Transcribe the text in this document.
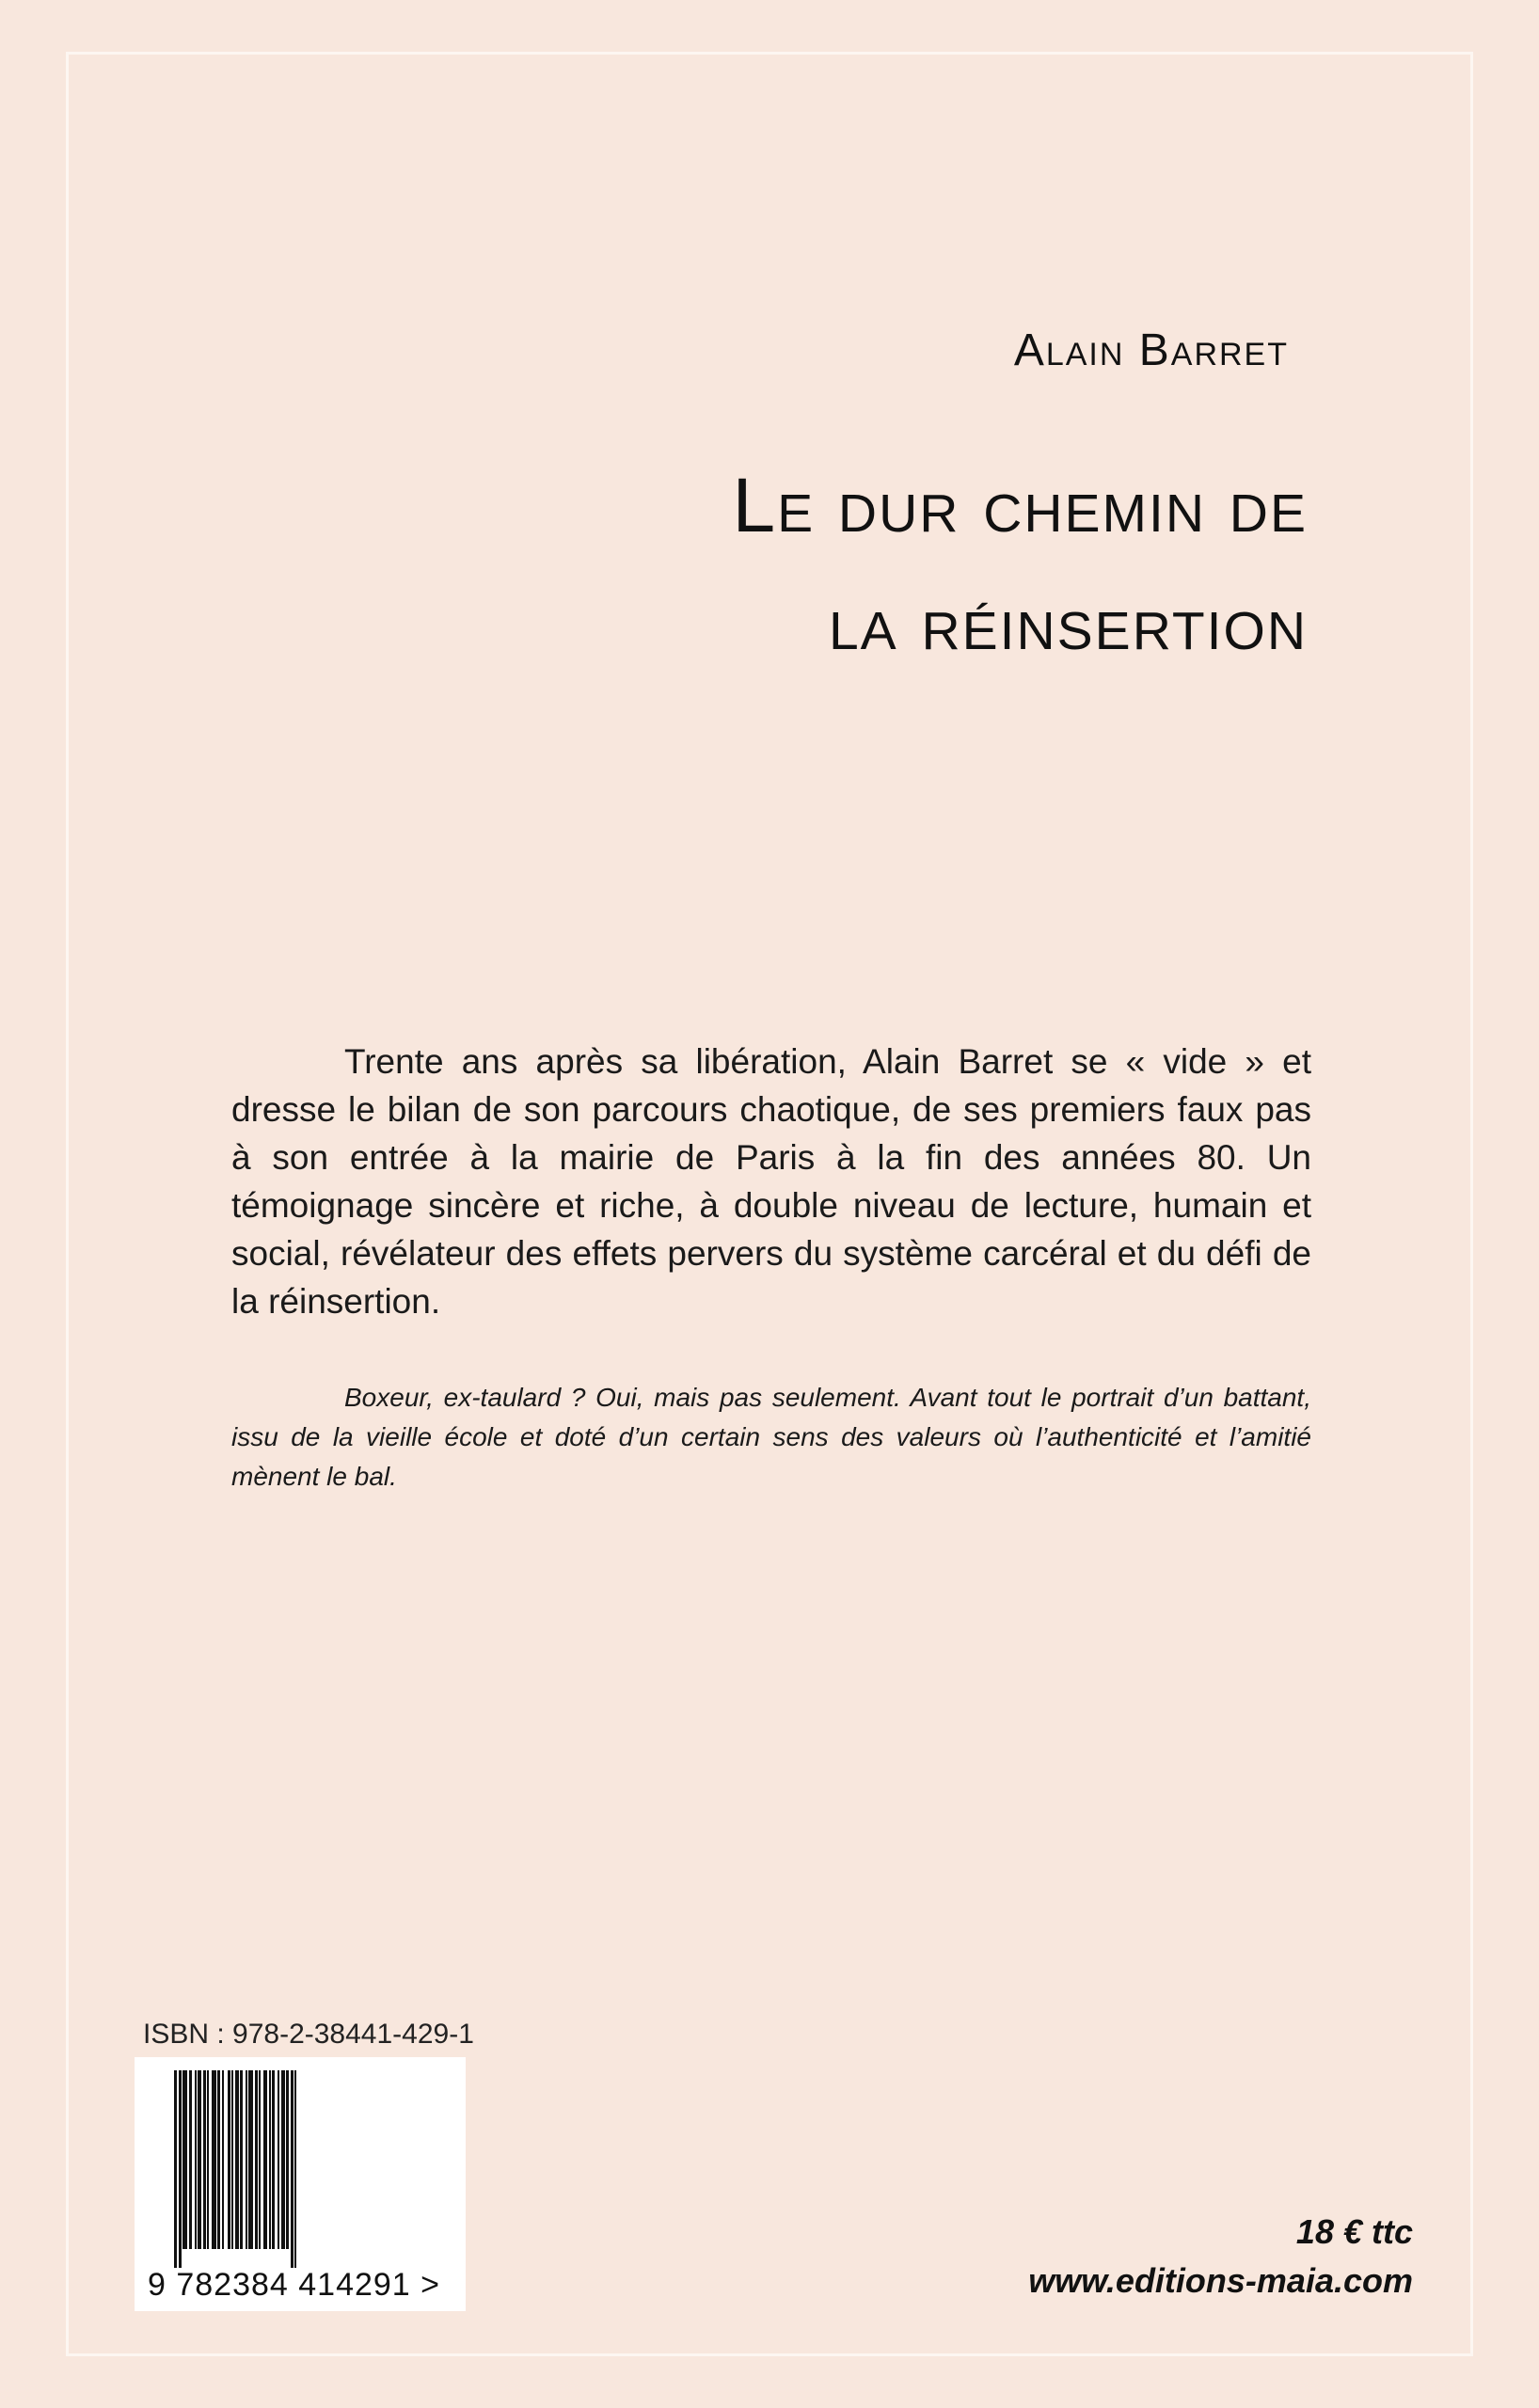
Alain Barret
Le dur chemin de
la réinsertion

Trente ans après sa libération, Alain Barret se « vide » et dresse le bilan de son parcours chaotique, de ses premiers faux pas à son entrée à la mairie de Paris à la fin des années 80. Un témoignage sincère et riche, à double niveau de lecture, humain et social, révélateur des effets pervers du système carcéral et du défi de la réinsertion.

Boxeur, ex-taulard ? Oui, mais pas seulement. Avant tout le portrait d’un battant, issu de la vieille école et doté d’un certain sens des valeurs où l’authenticité et l’amitié mènent le bal.

ISBN : 978-2-38441-429-1
9 782384 414291 >
18 € ttc
www.editions-maia.com
